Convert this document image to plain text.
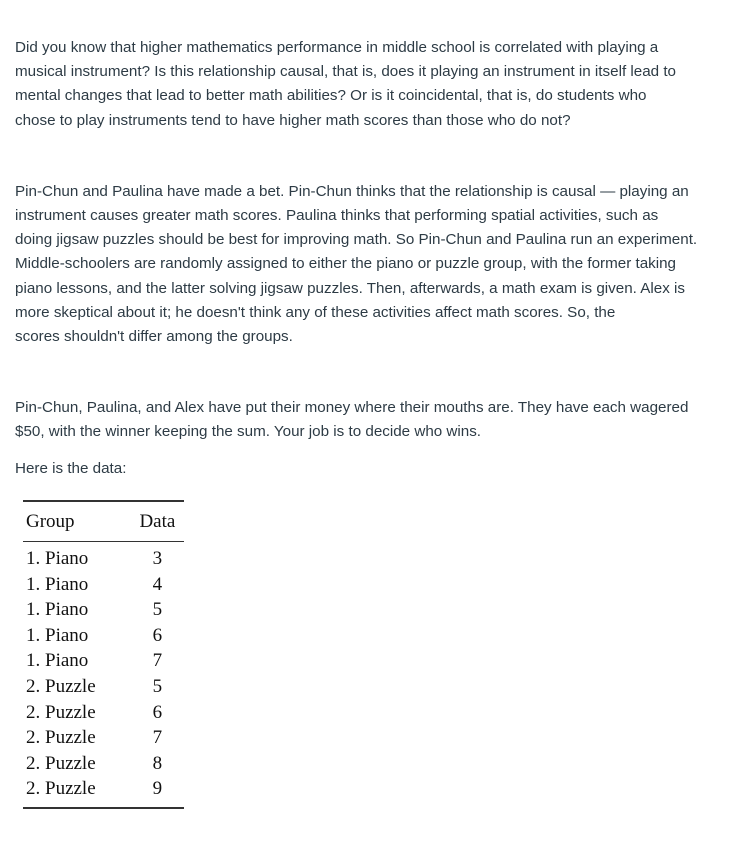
Did you know that higher mathematics performance in middle school is correlated with playing a
musical instrument? Is this relationship causal, that is, does it playing an instrument in itself lead to
mental changes that lead to better math abilities? Or is it coincidental, that is, do students who
chose to play instruments tend to have higher math scores than those who do not?

Pin-Chun and Paulina have made a bet. Pin-Chun thinks that the relationship is causal — playing an
instrument causes greater math scores. Paulina thinks that performing spatial activities, such as
doing jigsaw puzzles should be best for improving math. So Pin-Chun and Paulina run an experiment.
Middle-schoolers are randomly assigned to either the piano or puzzle group, with the former taking
piano lessons, and the latter solving jigsaw puzzles. Then, afterwards, a math exam is given. Alex is
more skeptical about it; he doesn't think any of these activities affect math scores. So, the
scores shouldn't differ among the groups.

Pin-Chun, Paulina, and Alex have put their money where their mouths are. They have each wagered
$50, with the winner keeping the sum. Your job is to decide who wins.

Here is the data:

Group	Data
1. Piano	3
1. Piano	4
1. Piano	5
1. Piano	6
1. Piano	7
2. Puzzle	5
2. Puzzle	6
2. Puzzle	7
2. Puzzle	8
2. Puzzle	9
